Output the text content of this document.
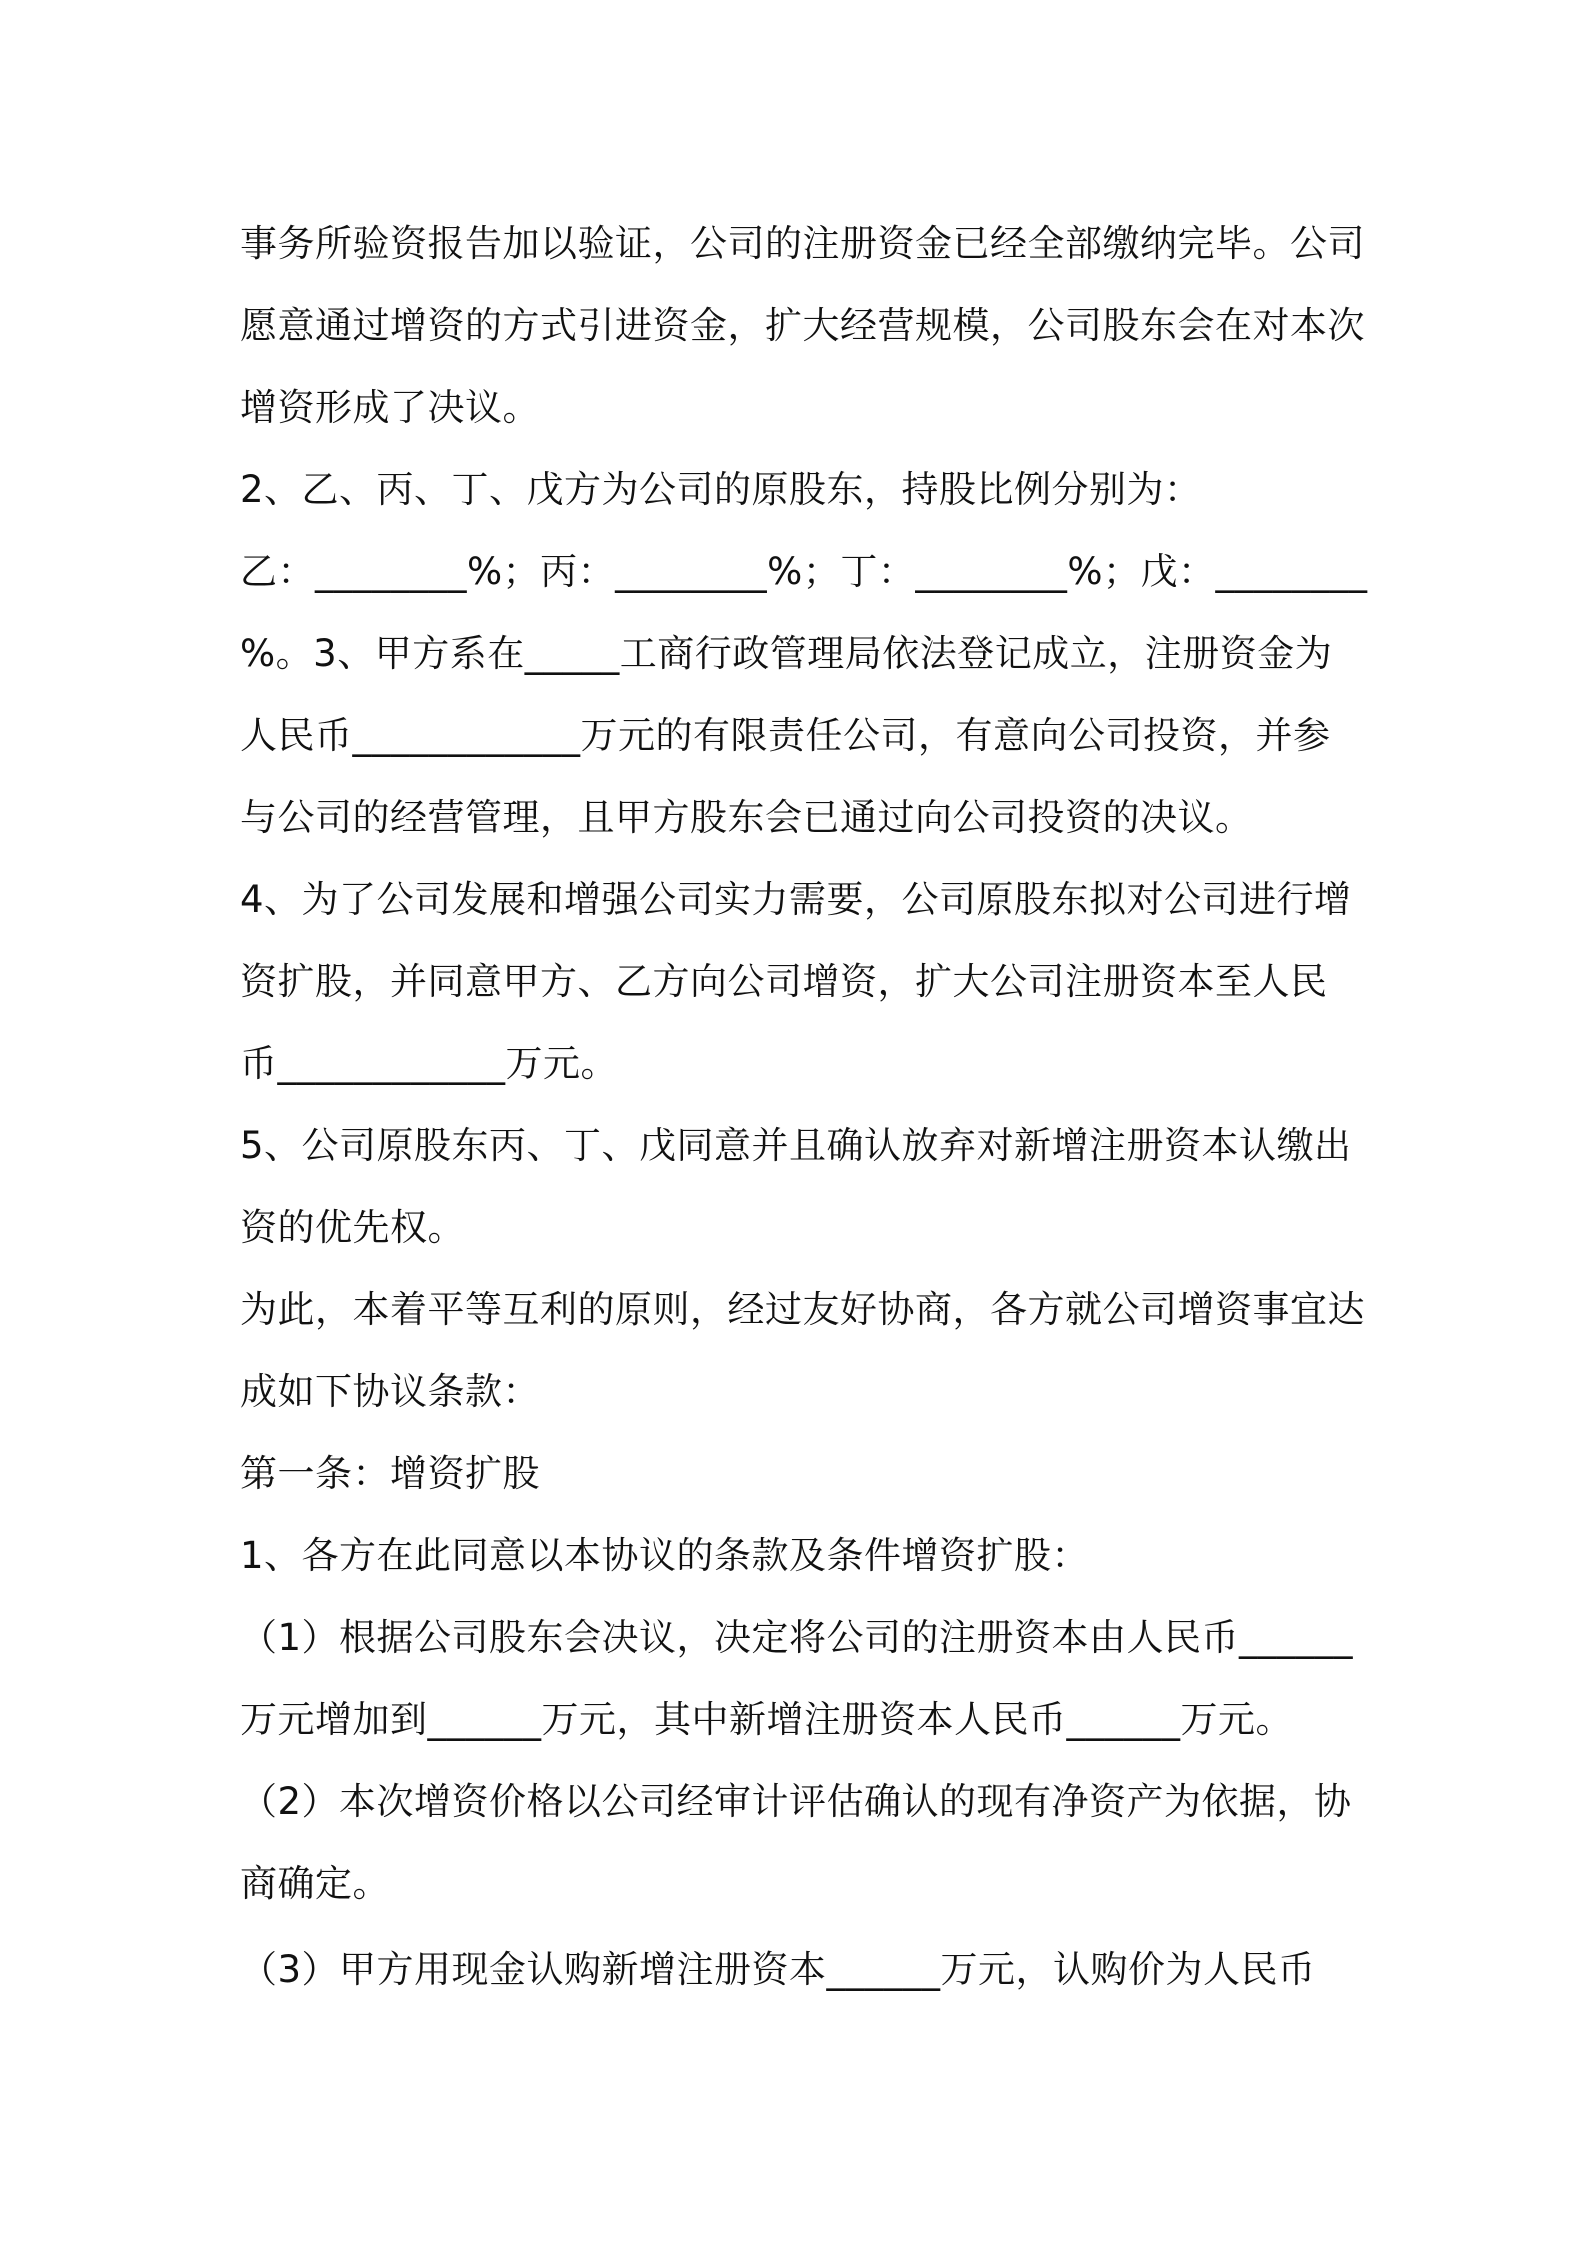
事务所验资报告加以验证，公司的注册资金已经全部缴纳完毕。公司
愿意通过增资的方式引进资金，扩大经营规模，公司股东会在对本次
增资形成了决议。
2、乙、丙、丁、戊方为公司的原股东，持股比例分别为：
乙：________%；丙：________%；丁：________%；戊：________
%。3、甲方系在_____工商行政管理局依法登记成立，注册资金为
人民币____________万元的有限责任公司，有意向公司投资，并参
与公司的经营管理，且甲方股东会已通过向公司投资的决议。
4、为了公司发展和增强公司实力需要，公司原股东拟对公司进行增
资扩股，并同意甲方、乙方向公司增资，扩大公司注册资本至人民
币____________万元。
5、公司原股东丙、丁、戊同意并且确认放弃对新增注册资本认缴出
资的优先权。
为此，本着平等互利的原则，经过友好协商，各方就公司增资事宜达
成如下协议条款：
第一条：增资扩股
1、各方在此同意以本协议的条款及条件增资扩股：
（1）根据公司股东会决议，决定将公司的注册资本由人民币______
万元增加到______万元，其中新增注册资本人民币______万元。
（2）本次增资价格以公司经审计评估确认的现有净资产为依据，协
商确定。
（3）甲方用现金认购新增注册资本______万元，认购价为人民币
